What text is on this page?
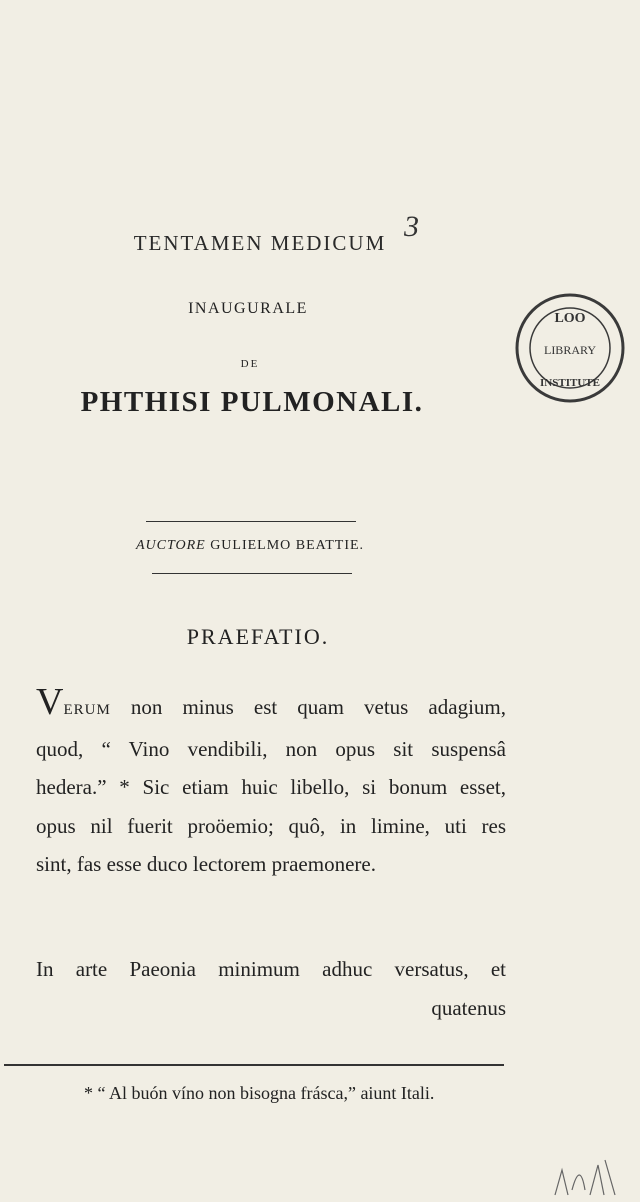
3
TENTAMEN MEDICUM
INAUGURALE
DE
PHTHISI PULMONALI.
AUCTORE GULIELMO BEATTIE.
PRAEFATIO.
VERUM non minus est quam vetus adagium,
quod, “ Vino vendibili, non opus sit suspensâ
hedera.” * Sic etiam huic libello, si bonum esset,
opus nil fuerit proöemio; quô, in limine, uti res
sint, fas esse duco lectorem praemonere.
In arte Paeonia minimum adhuc versatus, et
quatenus
* “ Al buón víno non bisogna frásca,” aiunt Itali.
LOO
LIBRARY
INSTITUTE
